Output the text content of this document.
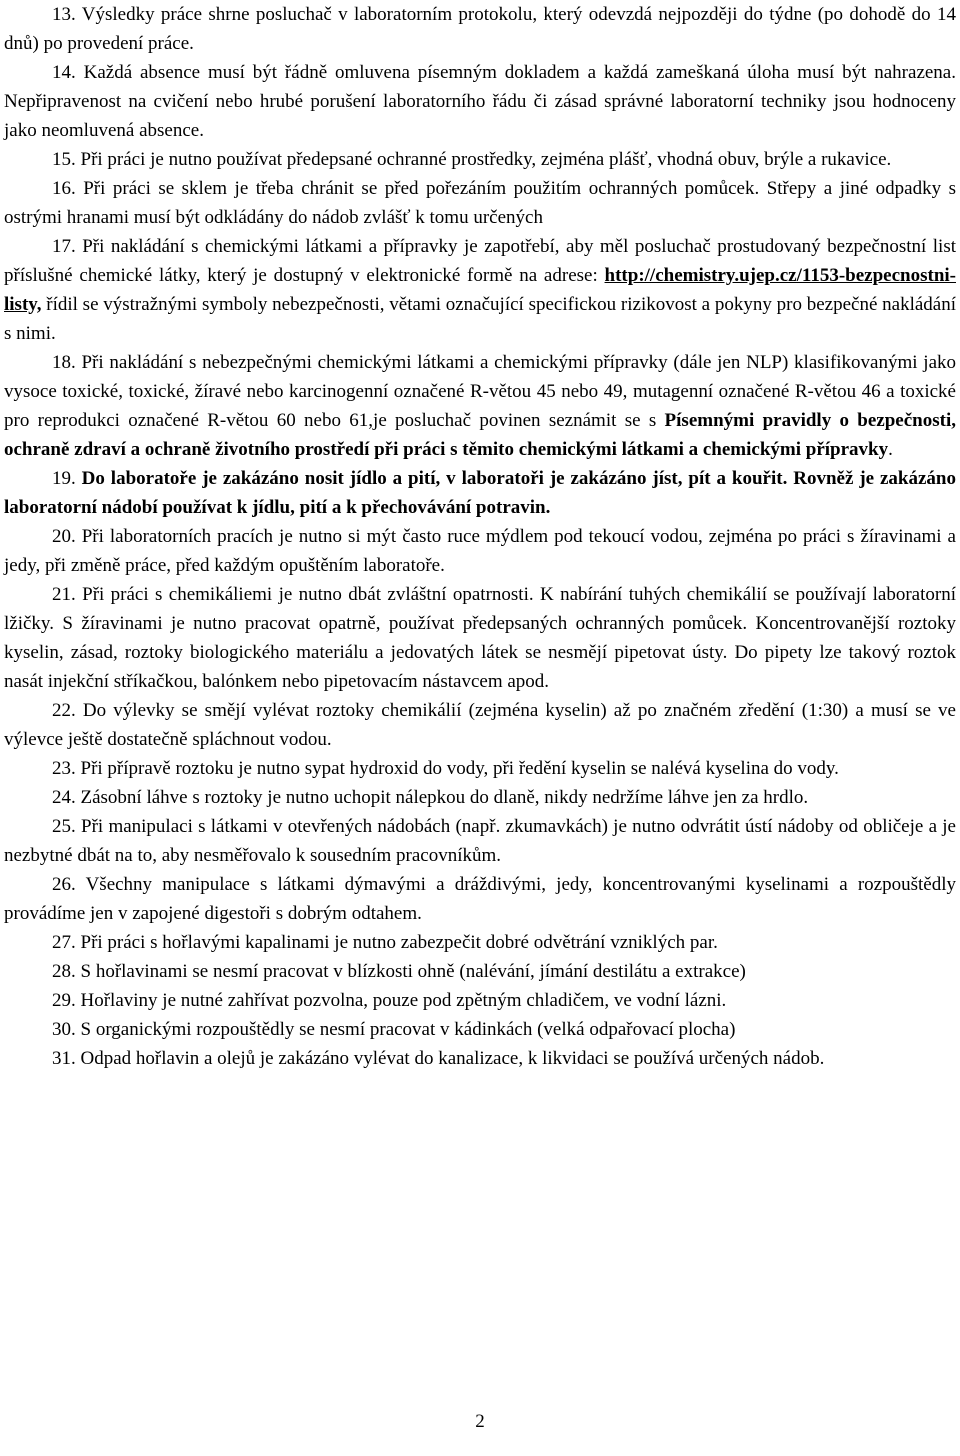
13. Výsledky práce shrne posluchač v laboratorním protokolu, který odevzdá nejpozději do týdne (po dohodě do 14 dnů) po provedení práce.

14. Každá absence musí být řádně omluvena písemným dokladem a každá zameškaná úloha musí být nahrazena. Nepřipravenost na cvičení nebo hrubé porušení laboratorního řádu či zásad správné laboratorní techniky jsou hodnoceny jako neomluvená absence.

15. Při práci je nutno používat předepsané ochranné prostředky, zejména plášť, vhodná obuv, brýle a rukavice.

16. Při práci se sklem je třeba chránit se před pořezáním použitím ochranných pomůcek. Střepy a jiné odpadky s ostrými hranami musí být odkládány do nádob zvlášť k tomu určených

17. Při nakládání s chemickými látkami a přípravky je zapotřebí, aby měl posluchač prostudovaný bezpečnostní list příslušné chemické látky, který je dostupný v elektronické formě na adrese: http://chemistry.ujep.cz/1153-bezpecnostni-listy, řídil se výstražnými symboly nebezpečnosti, větami označující specifickou rizikovost a pokyny pro bezpečné nakládání s nimi.

18. Při nakládání s nebezpečnými chemickými látkami a chemickými přípravky (dále jen NLP) klasifikovanými jako vysoce toxické, toxické, žíravé nebo karcinogenní označené R-větou 45 nebo 49, mutagenní označené R-větou 46 a toxické pro reprodukci označené R-větou 60 nebo 61,je posluchač povinen seznámit se s Písemnými pravidly o bezpečnosti, ochraně zdraví a ochraně životního prostředí při práci s těmito chemickými látkami a chemickými přípravky.

19. Do laboratoře je zakázáno nosit jídlo a pití, v laboratoři je zakázáno jíst, pít a kouřit. Rovněž je zakázáno laboratorní nádobí používat k jídlu, pití a k přechovávání potravin.

20. Při laboratorních pracích je nutno si mýt často ruce mýdlem pod tekoucí vodou, zejména po práci s žíravinami a jedy, při změně práce, před každým opuštěním laboratoře.

21. Při práci s chemikáliemi je nutno dbát zvláštní opatrnosti. K nabírání tuhých chemikálií se používají laboratorní lžičky. S žíravinami je nutno pracovat opatrně, používat předepsaných ochranných pomůcek. Koncentrovanější roztoky kyselin, zásad, roztoky biologického materiálu a jedovatých látek se nesmějí pipetovat ústy. Do pipety lze takový roztok nasát injekční stříkačkou, balónkem nebo pipetovacím nástavcem apod.

22. Do výlevky se smějí vylévat roztoky chemikálií (zejména kyselin) až po značném zředění (1:30) a musí se ve výlevce ještě dostatečně spláchnout vodou.

23. Při přípravě roztoku je nutno sypat hydroxid do vody, při ředění kyselin se nalévá kyselina do vody.

24. Zásobní láhve s roztoky je nutno uchopit nálepkou do dlaně, nikdy nedržíme láhve jen za hrdlo.

25. Při manipulaci s látkami v otevřených nádobách (např. zkumavkách) je nutno odvrátit ústí nádoby od obličeje a je nezbytné dbát na to, aby nesměřovalo k sousedním pracovníkům.

26. Všechny manipulace s látkami dýmavými a dráždivými, jedy, koncentrovanými kyselinami a rozpouštědly provádíme jen v zapojené digestoři s dobrým odtahem.

27. Při práci s hořlavými kapalinami je nutno zabezpečit dobré odvětrání vzniklých par.

28. S hořlavinami se nesmí pracovat v blízkosti ohně (nalévání, jímání destilátu a extrakce)

29. Hořlaviny je nutné zahřívat pozvolna, pouze pod zpětným chladičem, ve vodní lázni.

30. S organickými rozpouštědly se nesmí pracovat v kádinkách (velká odpařovací plocha)

31. Odpad hořlavin a olejů je zakázáno vylévat do kanalizace, k likvidaci se používá určených nádob.

2
